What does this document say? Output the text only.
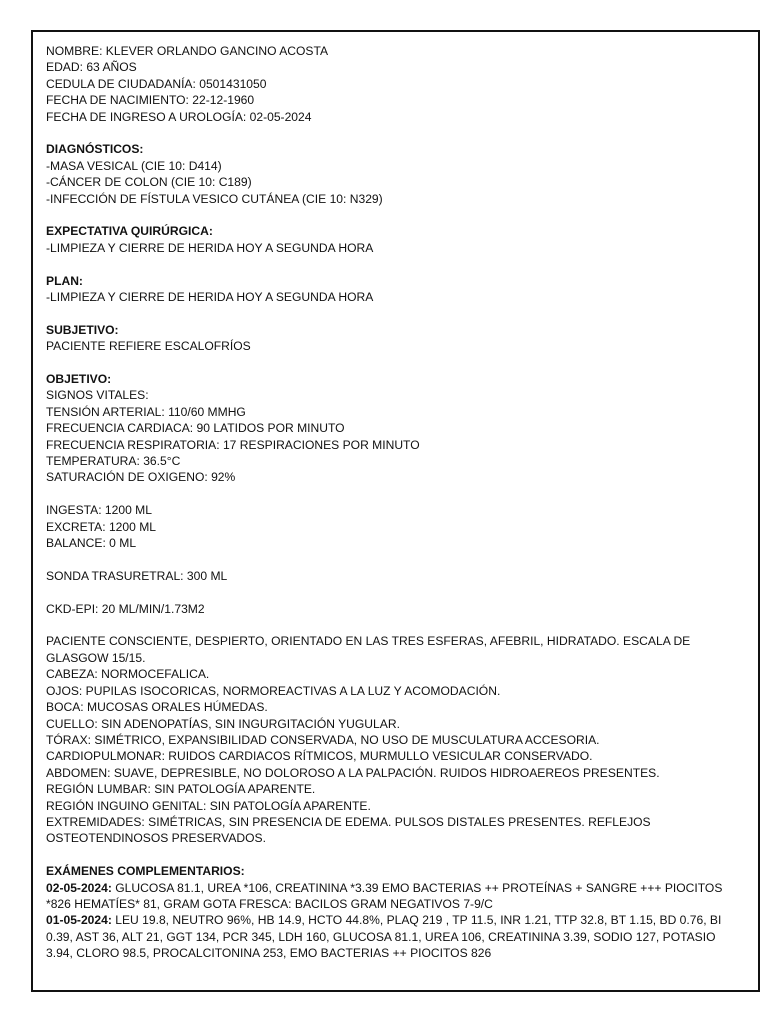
NOMBRE: KLEVER ORLANDO GANCINO ACOSTA
EDAD: 63 AÑOS
CEDULA DE CIUDADANÍA: 0501431050
FECHA DE NACIMIENTO: 22-12-1960
FECHA DE INGRESO A UROLOGÍA: 02-05-2024
DIAGNÓSTICOS:
-MASA VESICAL (CIE 10: D414)
-CÁNCER DE COLON (CIE 10: C189)
-INFECCIÓN DE FÍSTULA VESICO CUTÁNEA (CIE 10: N329)
EXPECTATIVA QUIRÚRGICA:
-LIMPIEZA Y CIERRE DE HERIDA HOY A SEGUNDA HORA
PLAN:
-LIMPIEZA Y CIERRE DE HERIDA HOY A SEGUNDA HORA
SUBJETIVO:
PACIENTE REFIERE ESCALOFRÍOS
OBJETIVO:
SIGNOS VITALES:
TENSIÓN ARTERIAL: 110/60 MMHG
FRECUENCIA CARDIACA: 90 LATIDOS POR MINUTO
FRECUENCIA RESPIRATORIA: 17 RESPIRACIONES POR MINUTO
TEMPERATURA: 36.5°C
SATURACIÓN DE OXIGENO: 92%
INGESTA: 1200 ML
EXCRETA: 1200 ML
BALANCE: 0 ML
SONDA TRASURETRAL: 300 ML
CKD-EPI: 20 ML/MIN/1.73M2
PACIENTE CONSCIENTE, DESPIERTO, ORIENTADO EN LAS TRES ESFERAS, AFEBRIL, HIDRATADO. ESCALA DE GLASGOW 15/15.
CABEZA: NORMOCEFALICA.
OJOS: PUPILAS ISOCORICAS, NORMOREACTIVAS A LA LUZ Y ACOMODACIÓN.
BOCA: MUCOSAS ORALES HÚMEDAS.
CUELLO: SIN ADENOPATÍAS, SIN INGURGITACIÓN YUGULAR.
TÓRAX: SIMÉTRICO, EXPANSIBILIDAD CONSERVADA, NO USO DE MUSCULATURA ACCESORIA.
CARDIOPULMONAR: RUIDOS CARDIACOS RÍTMICOS, MURMULLO VESICULAR CONSERVADO.
ABDOMEN: SUAVE, DEPRESIBLE, NO DOLOROSO A LA PALPACIÓN. RUIDOS HIDROAEREOS PRESENTES.
REGIÓN LUMBAR: SIN PATOLOGÍA APARENTE.
REGIÓN INGUINO GENITAL: SIN PATOLOGÍA APARENTE.
EXTREMIDADES: SIMÉTRICAS, SIN PRESENCIA DE EDEMA. PULSOS DISTALES PRESENTES. REFLEJOS OSTEOTENDINOSOS PRESERVADOS.
EXÁMENES COMPLEMENTARIOS:
02-05-2024: GLUCOSA 81.1, UREA *106, CREATININA *3.39 EMO BACTERIAS ++ PROTEÍNAS + SANGRE +++ PIOCITOS *826 HEMATÍES* 81, GRAM GOTA FRESCA: BACILOS GRAM NEGATIVOS 7-9/C
01-05-2024: LEU 19.8, NEUTRO 96%, HB 14.9, HCTO 44.8%, PLAQ 219 , TP 11.5, INR 1.21, TTP 32.8, BT 1.15, BD 0.76, BI 0.39, AST 36, ALT 21, GGT 134, PCR 345, LDH 160, GLUCOSA 81.1, UREA 106, CREATININA 3.39, SODIO 127, POTASIO 3.94, CLORO 98.5, PROCALCITONINA 253, EMO BACTERIAS ++ PIOCITOS 826
